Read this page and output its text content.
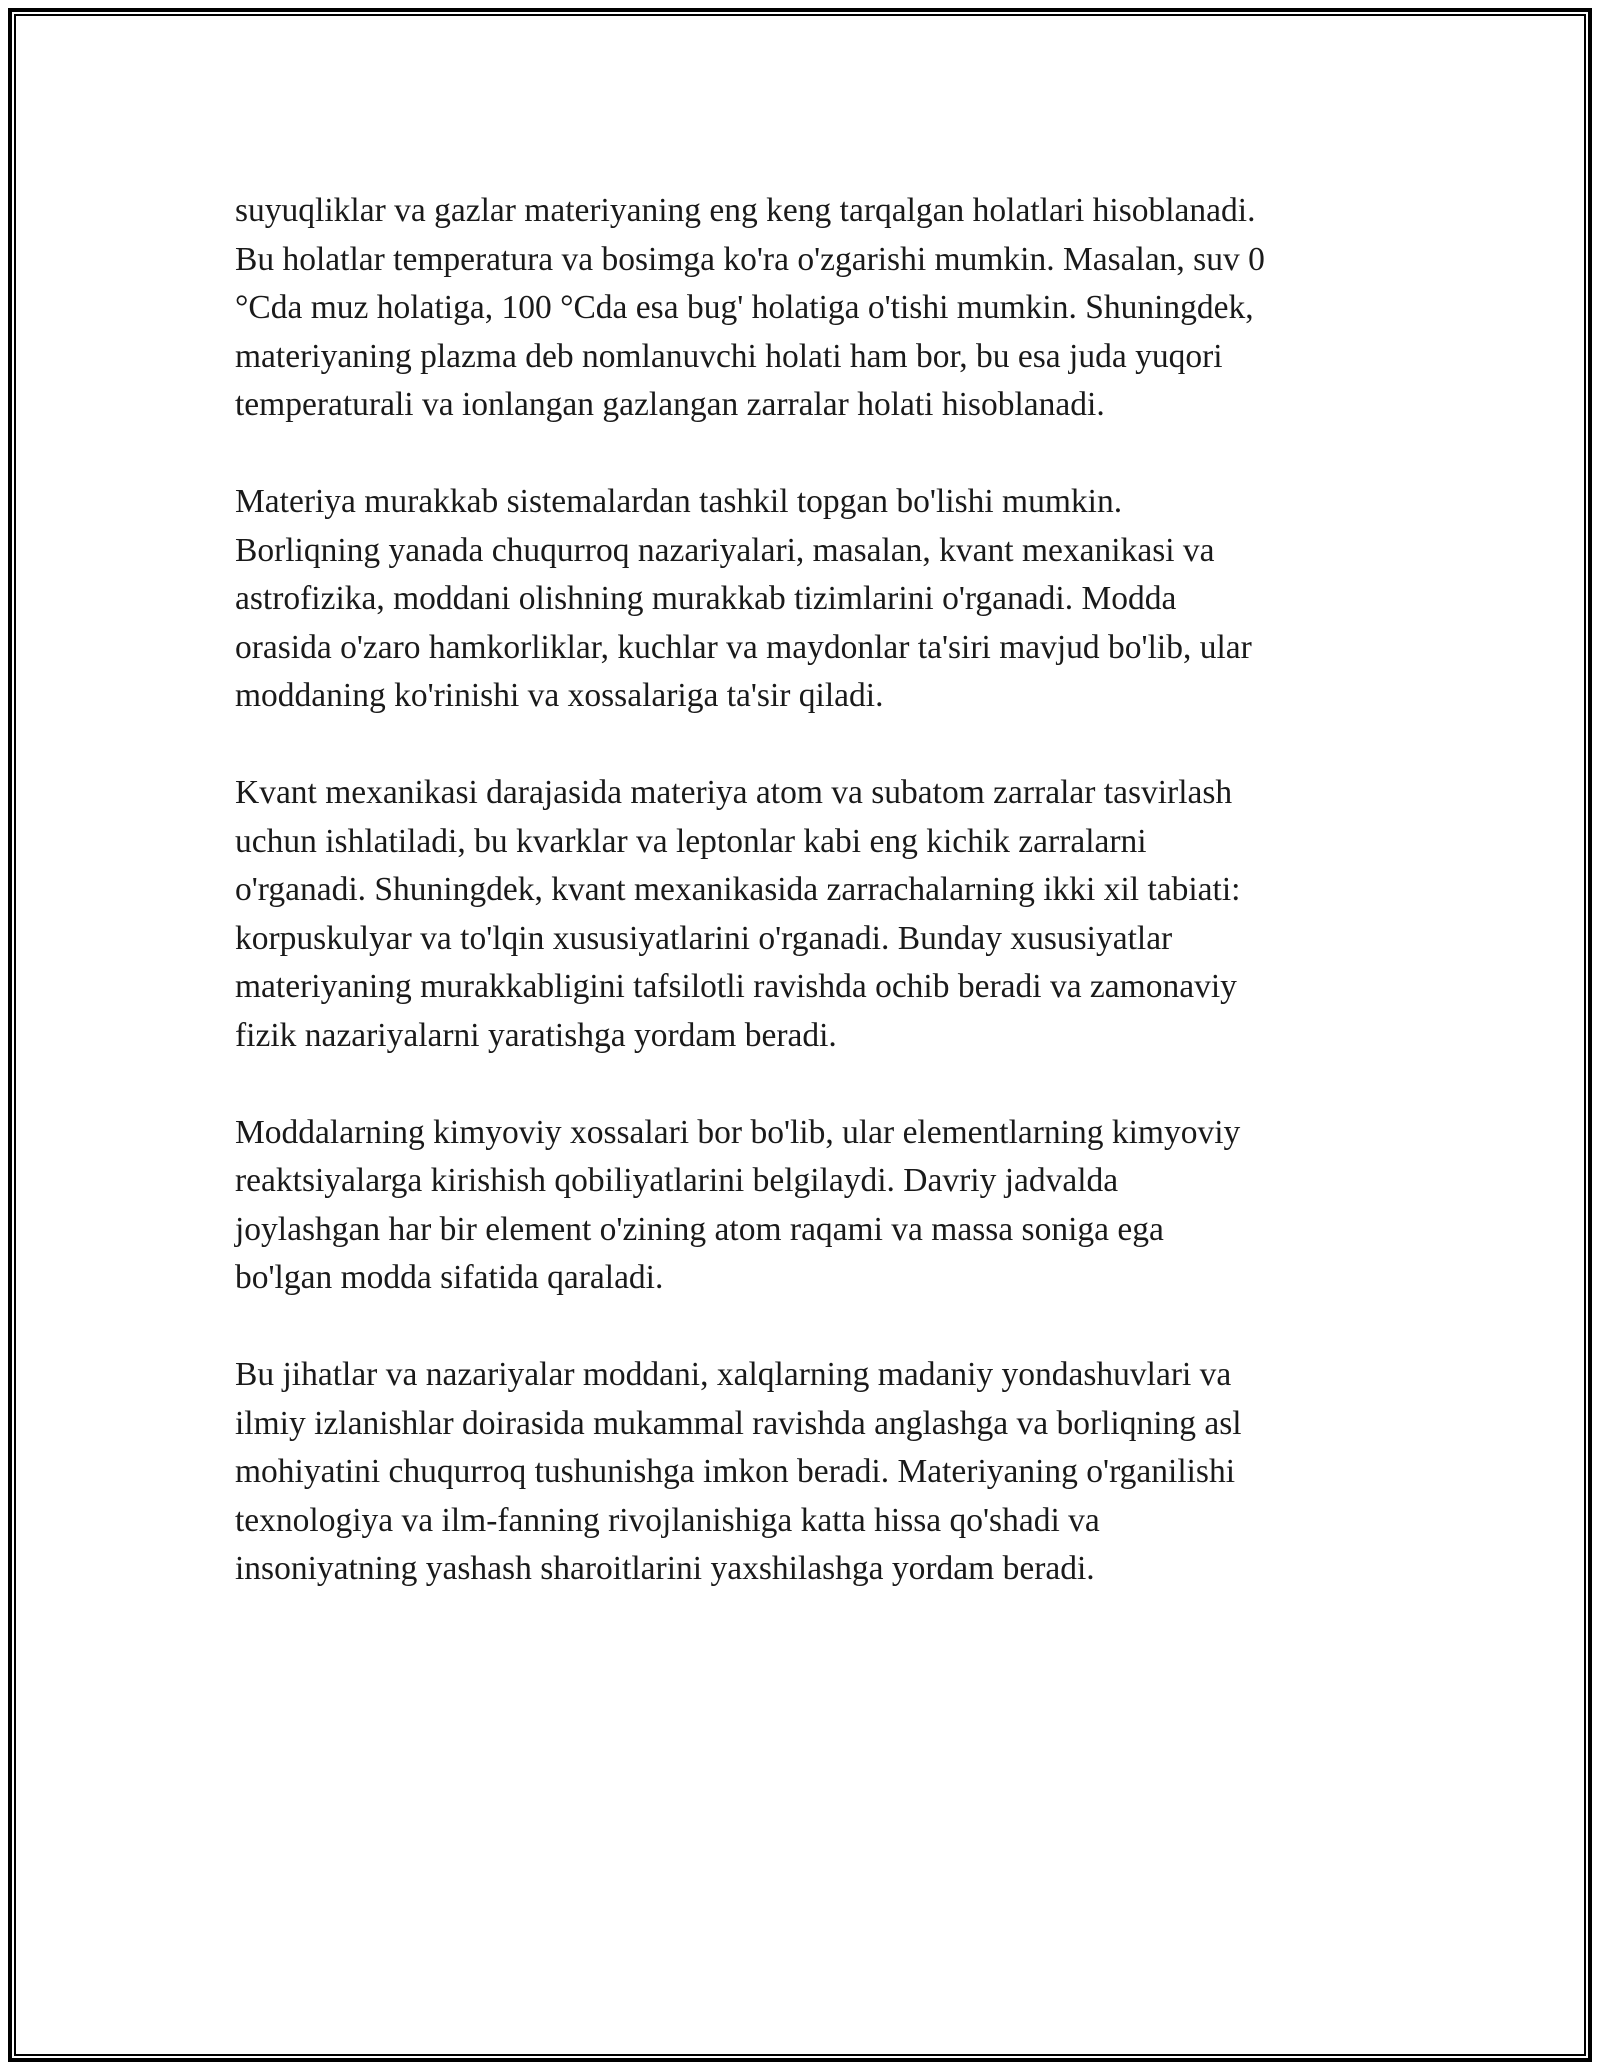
suyuqliklar va gazlar materiyaning eng keng tarqalgan holatlari hisoblanadi.
Bu holatlar temperatura va bosimga ko'ra o'zgarishi mumkin. Masalan, suv 0
°Cda muz holatiga, 100 °Cda esa bug' holatiga o'tishi mumkin. Shuningdek,
materiyaning plazma deb nomlanuvchi holati ham bor, bu esa juda yuqori
temperaturali va ionlangan gazlangan zarralar holati hisoblanadi.

Materiya murakkab sistemalardan tashkil topgan bo'lishi mumkin.
Borliqning yanada chuqurroq nazariyalari, masalan, kvant mexanikasi va
astrofizika, moddani olishning murakkab tizimlarini o'rganadi. Modda
orasida o'zaro hamkorliklar, kuchlar va maydonlar ta'siri mavjud bo'lib, ular
moddaning ko'rinishi va xossalariga ta'sir qiladi.

Kvant mexanikasi darajasida materiya atom va subatom zarralar tasvirlash
uchun ishlatiladi, bu kvarklar va leptonlar kabi eng kichik zarralarni
o'rganadi. Shuningdek, kvant mexanikasida zarrachalarning ikki xil tabiati:
korpuskulyar va to'lqin xususiyatlarini o'rganadi. Bunday xususiyatlar
materiyaning murakkabligini tafsilotli ravishda ochib beradi va zamonaviy
fizik nazariyalarni yaratishga yordam beradi.

Moddalarning kimyoviy xossalari bor bo'lib, ular elementlarning kimyoviy
reaktsiyalarga kirishish qobiliyatlarini belgilaydi. Davriy jadvalda
joylashgan har bir element o'zining atom raqami va massa soniga ega
bo'lgan modda sifatida qaraladi.

Bu jihatlar va nazariyalar moddani, xalqlarning madaniy yondashuvlari va
ilmiy izlanishlar doirasida mukammal ravishda anglashga va borliqning asl
mohiyatini chuqurroq tushunishga imkon beradi. Materiyaning o'rganilishi
texnologiya va ilm-fanning rivojlanishiga katta hissa qo'shadi va
insoniyatning yashash sharoitlarini yaxshilashga yordam beradi.
